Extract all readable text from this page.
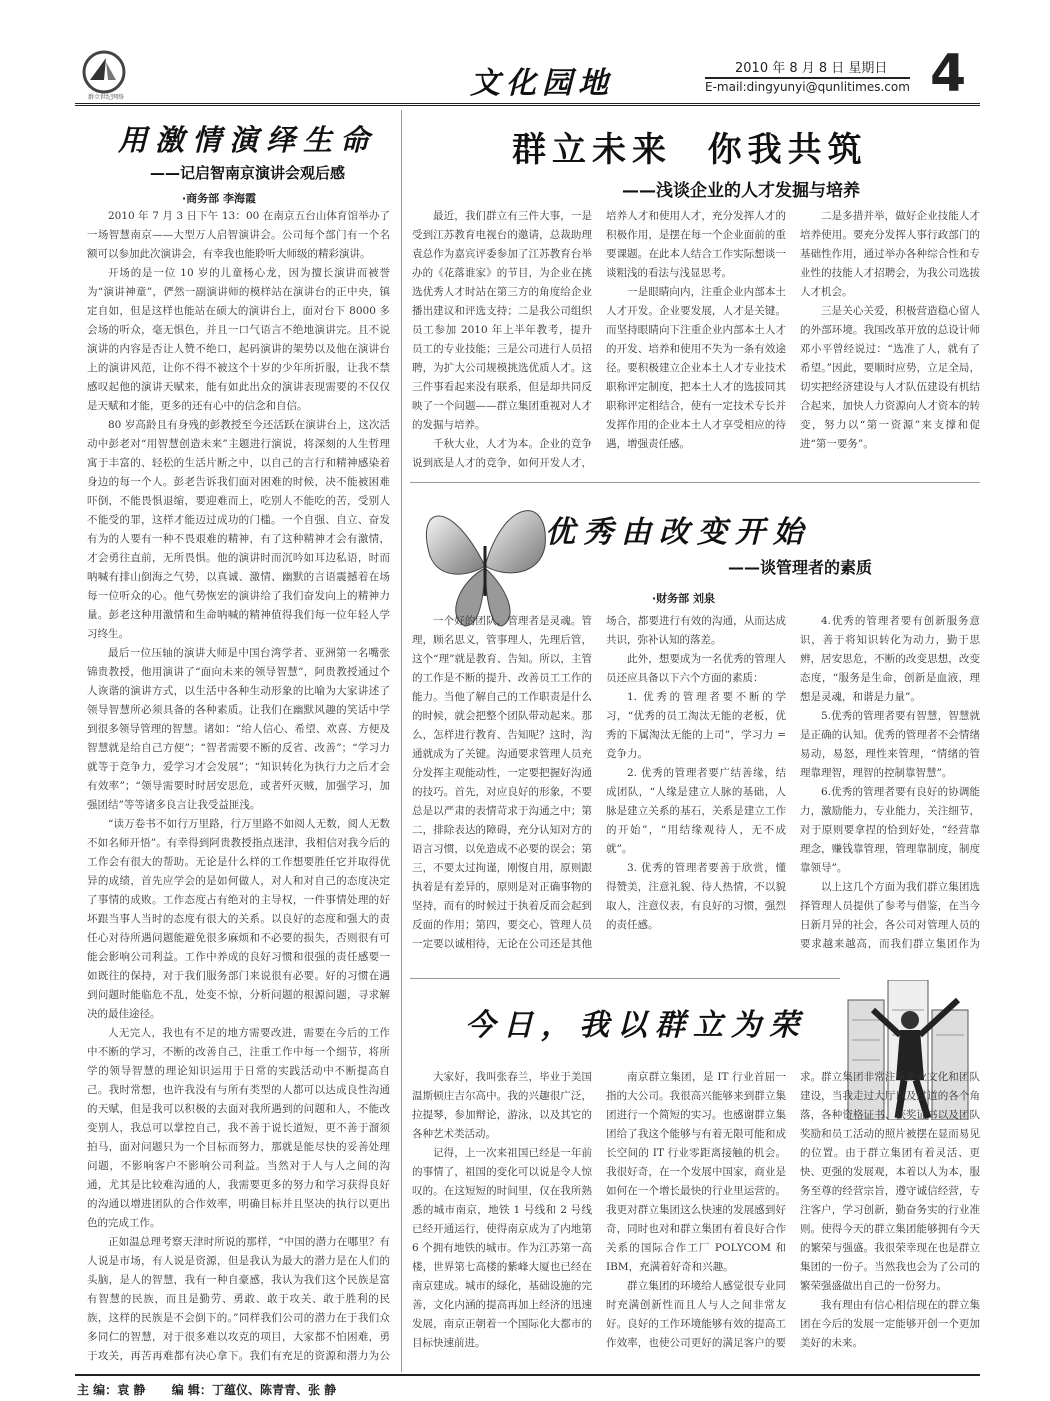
群立世纪网络	文化园地	2010 年 8 月 8 日 星期日
E-mail:dingyunyi@qunlitimes.com 4
用激情演绎生命
——记启智南京演讲会观后感
·商务部 李海霞

2010 年 7 月 3 日下午 13：00 在南京五台山体育馆举办了一场智慧南京——大型万人启智演讲会。公司每个部门有一个名额可以参加此次演讲会，有幸我也能聆听大师级的精彩演讲。

开场的是一位 10 岁的儿童杨心龙，因为擅长演讲而被誉为“演讲神童”，俨然一副演讲师的模样站在演讲台的正中央，镇定自如，但是这样也能站在硕大的演讲台上，面对台下 8000 多会场的听众，毫无惧色，并且一口气语言不绝地演讲完。且不说演讲的内容是否让人赞不绝口，起码演讲的架势以及他在演讲台上的演讲风范，让你不得不被这个十岁的少年所折服，让我不禁感叹起他的演讲天赋来，能有如此出众的演讲表现需要的不仅仅是天赋和才能，更多的还有心中的信念和自信。

80 岁高龄且有身残的彭教授至今还活跃在演讲台上，这次活动中彭老对“用智慧创造未来”主题进行演说，将深刻的人生哲理寓于丰富的、轻松的生活片断之中，以自己的言行和精神感染着身边的每一个人。彭老告诉我们面对困难的时候，决不能被困难吓倒，不能畏惧退缩，要迎难而上，吃别人不能吃的苦，受别人不能受的罪，这样才能迈过成功的门槛。一个自强、自立、奋发有为的人要有一种不畏艰难的精神，有了这种精神才会有激情，才会勇往直前，无所畏惧。他的演讲时而沉吟如耳边私语，时而呐喊有排山倒海之气势，以真诚、激情、幽默的言语震撼着在场每一位听众的心。他气势恢宏的演讲给了我们奋发向上的精神力量。彭老这种用激情和生命呐喊的精神值得我们每一位年轻人学习终生。

最后一位压轴的演讲大师是中国台湾学者、亚洲第一名嘴张锦贵教授，他用演讲了“面向未来的领导智慧”，阿贵教授通过个人诙谐的演讲方式，以生活中各种生动形象的比喻为大家讲述了领导智慧所必须具备的各种素质。让我们在幽默风趣的笑话中学到很多领导管理的智慧。诸如：“给人信心、希望、欢喜、方便及智慧就是给自己方便”；“智者需要不断的反省、改善”；“学习力就等于竞争力，爱学习才会发展”；“知识转化为执行力之后才会有效率”；“领导需要时时居安思危，或者歼灭贼，加强学习，加强团结”等等诸多良言让我受益匪浅。

“读万卷书不如行万里路，行万里路不如阅人无数，阅人无数不如名师开悟”。有幸得到阿贵教授指点迷津，我相信对我今后的工作会有很大的帮助。无论是什么样的工作想要胜任它并取得优异的成绩，首先应学会的是如何做人，对人和对自己的态度决定了事情的成败。工作态度占有绝对的主导权，一件事情处理的好坏跟当事人当时的态度有很大的关系。以良好的态度和强大的责任心对待所遇问题能避免很多麻烦和不必要的损失，否则很有可能会影响公司利益。工作中养成的良好习惯和很强的责任感要一如既往的保持，对于我们服务部门来说很有必要。好的习惯在遇到问题时能临危不乱，处变不惊，分析问题的根源问题，寻求解决的最佳途径。

人无完人，我也有不足的地方需要改进，需要在今后的工作中不断的学习，不断的改善自己，注重工作中每一个细节，将所学的领导智慧的理论知识运用于日常的实践活动中不断提高自己。我时常想，也许我没有与所有类型的人都可以达成良性沟通的天赋，但是我可以积极的去面对我所遇到的问题和人，不能改变别人，我总可以掌控自己，我不善于说长道短，更不善于溜须拍马，面对问题只为一个目标而努力，那就是能尽快的妥善处理问题，不影响客户不影响公司利益。当然对于人与人之间的沟通，尤其是比较难沟通的人，我需要更多的努力和学习获得良好的沟通以增进团队的合作效率，明确目标并且坚决的执行以更出色的完成工作。

正如温总理考察天津时所说的那样，“中国的潜力在哪里？有人说是市场，有人说是资源，但是我认为最大的潜力是在人们的头脑，是人的智慧，我有一种自豪感，我认为我们这个民族是富有智慧的民族，而且是勤劳、勇敢、敢于攻关、敢于胜利的民族，这样的民族是不会倒下的。”同样我们公司的潜力在于我们众多同仁的智慧，对于很多难以攻克的项目，大家都不怕困难，勇于攻关，再苦再难都有决心拿下。我们有充足的资源和潜力为公

群立未来  你我共筑
——浅谈企业的人才发掘与培养

最近，我们群立有三件大事，一是受到江苏教育电视台的邀请，总裁助理袁总作为嘉宾评委参加了江苏教育台举办的《花落谁家》的节目，为企业在挑选优秀人才时站在第三方的角度给企业播出建议和评选支持；二是我公司组织员工参加 2010 年上半年教考，提升员工的专业技能；三是公司进行人员招聘，为扩大公司规模挑选优质人才。这三件事看起来没有联系，但是却共同反映了一个问题——群立集团重视对人才的发掘与培养。

千秋大业，人才为本。企业的竞争说到底是人才的竞争，如何开发人才，培养人才和使用人才，充分发挥人才的积极作用，是摆在每一个企业面前的重要课题。在此本人结合工作实际想谈一谈粗浅的看法与浅显思考。

一是眼睛向内，注重企业内部本土人才开发。企业要发展，人才是关键。而坚持眼睛向下注重企业内部本土人才的开发、培养和使用不失为一条有效途径。要积极建立企业本土人才专业技术职称评定制度，把本土人才的选拔同其职称评定相结合，使有一定技术专长并发挥作用的企业本土人才享受相应的待遇，增强责任感。

二是多措并举，做好企业技能人才培养使用。要充分发挥人事行政部门的基础性作用，通过举办各种综合性和专业性的技能人才招聘会，为我公司选拔人才机会。

三是关心关爱，积极营造稳心留人的外部环境。我国改革开放的总设计师邓小平曾经说过：“选准了人，就有了希望。”因此，要顺时应势，立足全局，切实把经济建设与人才队伍建设有机结合起来，加快人力资源向人才资本的转变，努力以“第一资源”来支撑和促进“第一要务”。

优秀由改变开始
——谈管理者的素质
·财务部 刘泉

一个好的团队，管理者是灵魂。管理，顾名思义，管事理人，先理后管，这个“理”就是教育、告知。所以，主管的工作是不断的提升、改善员工工作的能力。当他了解自己的工作职责是什么的时候，就会把整个团队带动起来。那么，怎样进行教育、告知呢？这时，沟通就成为了关键。沟通要求管理人员充分发挥主观能动性，一定要把握好沟通的技巧。首先，对应良好的形象，不要总是以严肃的表情苛求于沟通之中；第二，排除表达的障碍，充分认知对方的语言习惯，以免造成不必要的误会；第三，不要太过拘谨，刚愎自用，原则跟执着是有差异的，原则是对正确事物的坚持，而有的时候过于执着反而会起到反面的作用；第四，要交心，管理人员一定要以诚相待，无论在公司还是其他场合，都要进行有效的沟通，从而达成共识，弥补认知的落差。

此外，想要成为一名优秀的管理人员还应具备以下六个方面的素质：

1. 优秀的管理者要不断的学习，“优秀的员工淘汰无能的老板，优秀的下属淘汰无能的上司”，学习力 = 竞争力。

2. 优秀的管理者要广结善缘，结成团队，“人缘是建立人脉的基础，人脉是建立关系的基石，关系是建立工作的开始”，“用结缘观待人，无不成就”。

3. 优秀的管理者要善于欣赏，懂得赞美，注意礼貌、待人热情，不以貌取人，注意仪表，有良好的习惯，强烈的责任感。

4.优秀的管理者要有创新服务意识，善于将知识转化为动力，勤于思辨，居安思危，不断的改变思想，改变态度，“服务是生命，创新是血液，理想是灵魂，和谐是力量”。

5.优秀的管理者要有智慧，智慧就是正确的认知。优秀的管理者不会情绪易动，易怒，理性来管理，“情绪的管理靠理智，理智的控制靠智慧”。

6.优秀的管理者要有良好的协调能力，激励能力，专业能力，关注细节，对于原则要拿捏的恰到好处，“经营靠理念，赚钱靠管理，管理靠制度，制度靠领导”。

以上这几个方面为我们群立集团选择管理人员提供了参考与借鉴，在当今日新月异的社会，各公司对管理人员的要求越来越高，而我们群立集团作为

今日，我以群立为荣

大家好，我叫张春兰，毕业于美国温斯顿庄吉尔高中。我的兴趣很广泛，拉提琴，参加辩论，游泳，以及其它的各种艺术类活动。

记得，上一次来祖国已经是一年前的事情了，祖国的变化可以说是令人惊叹的。在这短短的时间里，仅在我所熟悉的城市南京，地铁 1 号线和 2 号线已经开通运行，使得南京成为了内地第 6 个拥有地铁的城市。作为江苏第一高楼，世界第七高楼的紫峰大厦也已经在南京建成。城市的绿化，基础设施的完善，文化内涵的提高再加上经济的迅速发展，南京正朝着一个国际化大都市的目标快速前进。

南京群立集团，是 IT 行业首屈一指的大公司。我很高兴能够来到群立集团进行一个简短的实习。也感谢群立集团给了我这个能够与有着无限可能和成长空间的 IT 行业零距离接触的机会。我很好奇，在一个发展中国家，商业是如何在一个增长最快的行业里运营的。我更对群立集团这么快速的发展感到好奇，同时也对和群立集团有着良好合作关系的国际合作工厂 POLYCOM 和 IBM，充满着好奇和兴趣。

群立集团的环境给人感觉很专业同时充满创新性而且人与人之间非常友好。良好的工作环境能够有效的提高工作效率，也使公司更好的满足客户的要求。群立集团非常注重企业文化和团队建设，当我走过大厅以及过道的各个角落，各种资格证书、获奖证书以及团队奖励和员工活动的照片被摆在显而易见的位置。由于群立集团有着灵活、更快、更强的发展观，本着以人为本，服务至尊的经营宗旨，遵守诚信经营，专注客户，学习创新，勤奋务实的行业准则。使得今天的群立集团能够拥有今天的繁荣与强盛。我很荣幸现在也是群立集团的一份子。当然我也会为了公司的繁荣强盛做出自己的一份努力。

我有理由有信心相信现在的群立集团在今后的发展一定能够开创一个更加美好的未来。

主 编：袁 静 编 辑：丁蕴仪、陈青青、张 静
